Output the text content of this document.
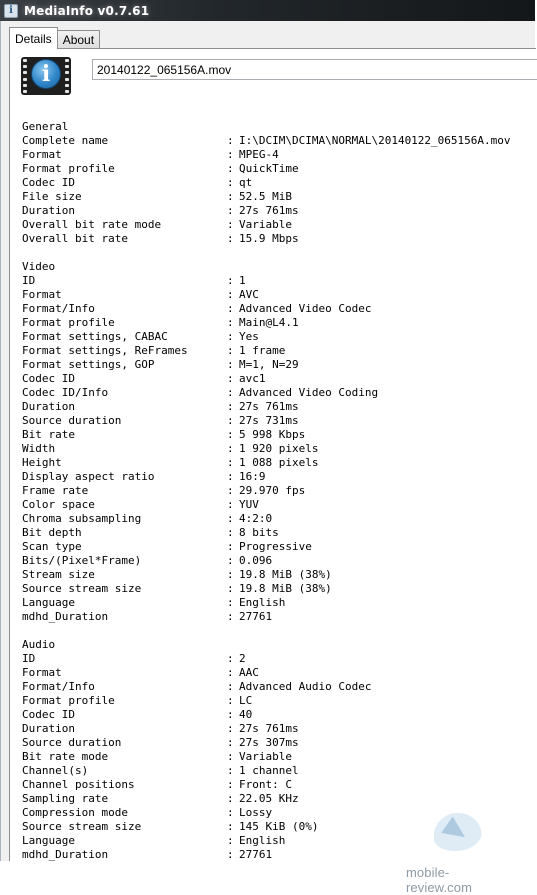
i MediaInfo v0.7.61
Details About
i	20140122_065156A.mov
General
Complete name	: I:\DCIM\DCIMA\NORMAL\20140122_065156A.mov
Format	: MPEG-4
Format profile	: QuickTime
Codec ID	: qt
File size	: 52.5 MiB
Duration	: 27s 761ms
Overall bit rate mode	: Variable
Overall bit rate	: 15.9 Mbps
Video
ID	: 1
Format	: AVC
Format/Info	: Advanced Video Codec
Format profile	: Main@L4.1
Format settings, CABAC	: Yes
Format settings, ReFrames	: 1 frame
Format settings, GOP	: M=1, N=29
Codec ID	: avc1
Codec ID/Info	: Advanced Video Coding
Duration	: 27s 761ms
Source duration	: 27s 731ms
Bit rate	: 5 998 Kbps
Width	: 1 920 pixels
Height	: 1 088 pixels
Display aspect ratio	: 16:9
Frame rate	: 29.970 fps
Color space	: YUV
Chroma subsampling	: 4:2:0
Bit depth	: 8 bits
Scan type	: Progressive
Bits/(Pixel*Frame)	: 0.096
Stream size	: 19.8 MiB (38%)
Source stream size	: 19.8 MiB (38%)
Language	: English
mdhd_Duration	: 27761
Audio
ID	: 2
Format	: AAC
Format/Info	: Advanced Audio Codec
Format profile	: LC
Codec ID	: 40
Duration	: 27s 761ms
Source duration	: 27s 307ms
Bit rate mode	: Variable
Channel(s)	: 1 channel
Channel positions	: Front: C
Sampling rate	: 22.05 KHz
Compression mode	: Lossy
Source stream size	: 145 KiB (0%)
Language	: English
mdhd_Duration	: 27761
mobile-review.com
